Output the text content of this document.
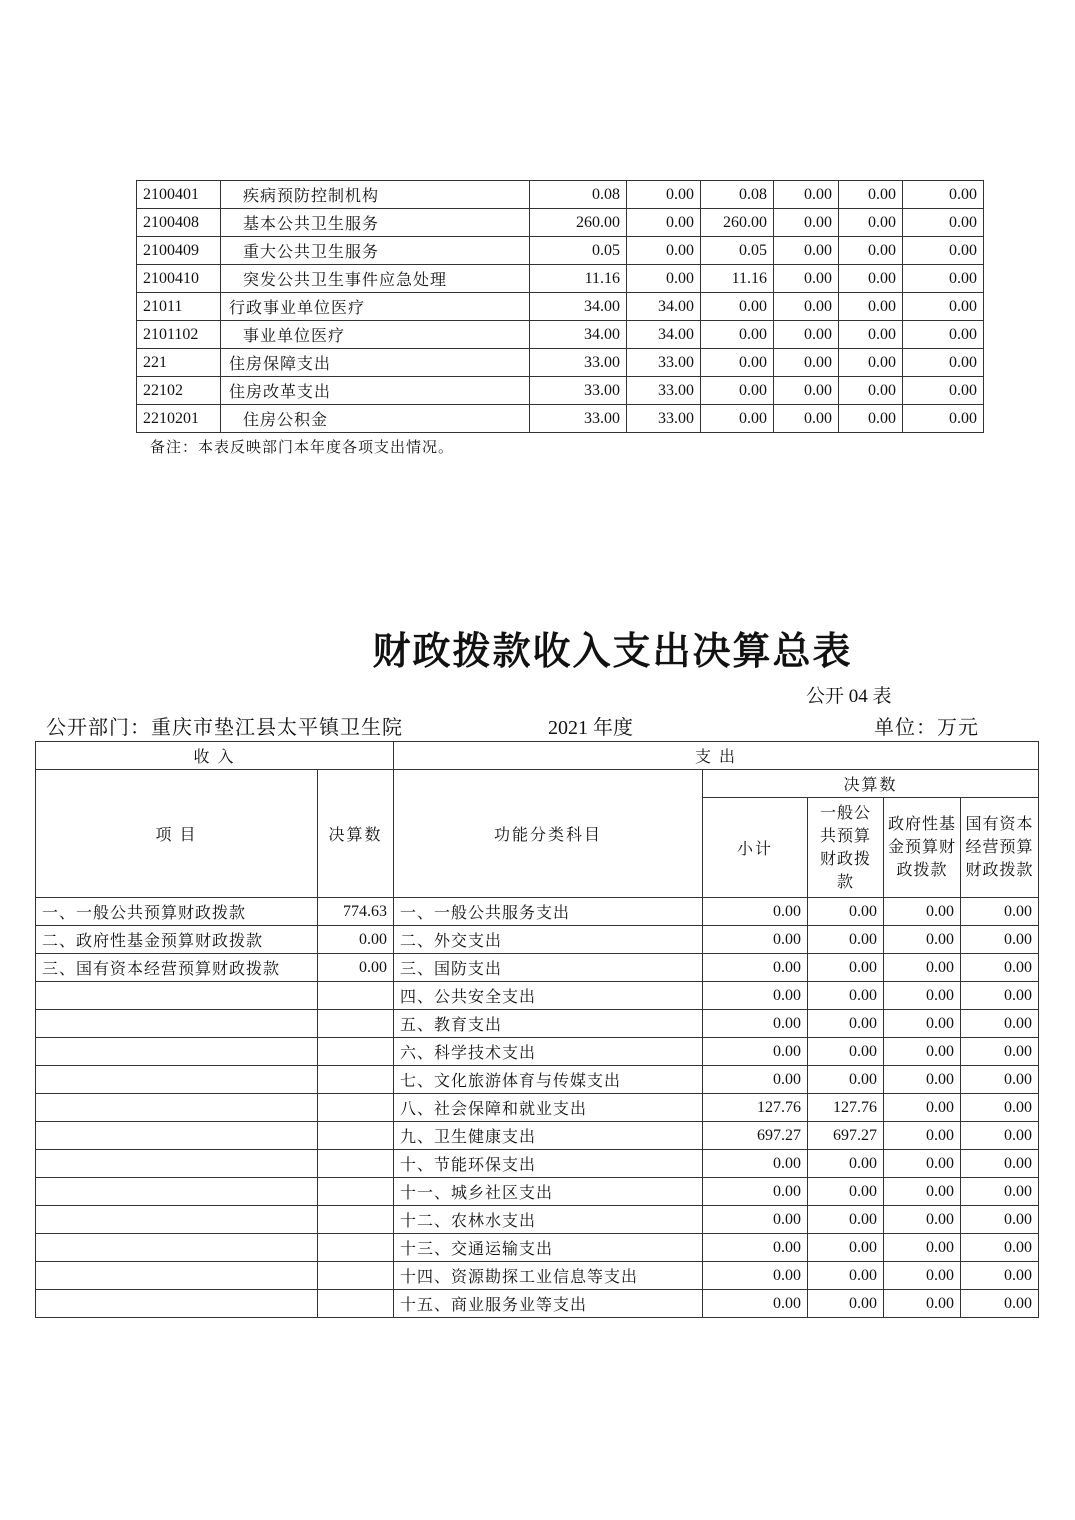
2100401	疾病预防控制机构	0.08	0.00	0.08	0.00	0.00	0.00
2100408	基本公共卫生服务	260.00	0.00	260.00	0.00	0.00	0.00
2100409	重大公共卫生服务	0.05	0.00	0.05	0.00	0.00	0.00
2100410	突发公共卫生事件应急处理	11.16	0.00	11.16	0.00	0.00	0.00
21011	行政事业单位医疗	34.00	34.00	0.00	0.00	0.00	0.00
2101102	事业单位医疗	34.00	34.00	0.00	0.00	0.00	0.00
221	住房保障支出	33.00	33.00	0.00	0.00	0.00	0.00
22102	住房改革支出	33.00	33.00	0.00	0.00	0.00	0.00
2210201	住房公积金	33.00	33.00	0.00	0.00	0.00	0.00
备注：本表反映部门本年度各项支出情况。
财政拨款收入支出决算总表
公开 04 表
公开部门：重庆市垫江县太平镇卫生院	2021 年度	单位：万元
收 入		支 出				
项 目	决算数	功能分类科目	决算数			
			小计	一般公共预算财政拨款	政府性基金预算财政拨款	国有资本经营预算财政拨款
一、一般公共预算财政拨款	774.63	一、一般公共服务支出	0.00	0.00	0.00	0.00
二、政府性基金预算财政拨款	0.00	二、外交支出	0.00	0.00	0.00	0.00
三、国有资本经营预算财政拨款	0.00	三、国防支出	0.00	0.00	0.00	0.00
		四、公共安全支出	0.00	0.00	0.00	0.00
		五、教育支出	0.00	0.00	0.00	0.00
		六、科学技术支出	0.00	0.00	0.00	0.00
		七、文化旅游体育与传媒支出	0.00	0.00	0.00	0.00
		八、社会保障和就业支出	127.76	127.76	0.00	0.00
		九、卫生健康支出	697.27	697.27	0.00	0.00
		十、节能环保支出	0.00	0.00	0.00	0.00
		十一、城乡社区支出	0.00	0.00	0.00	0.00
		十二、农林水支出	0.00	0.00	0.00	0.00
		十三、交通运输支出	0.00	0.00	0.00	0.00
		十四、资源勘探工业信息等支出	0.00	0.00	0.00	0.00
		十五、商业服务业等支出	0.00	0.00	0.00	0.00
